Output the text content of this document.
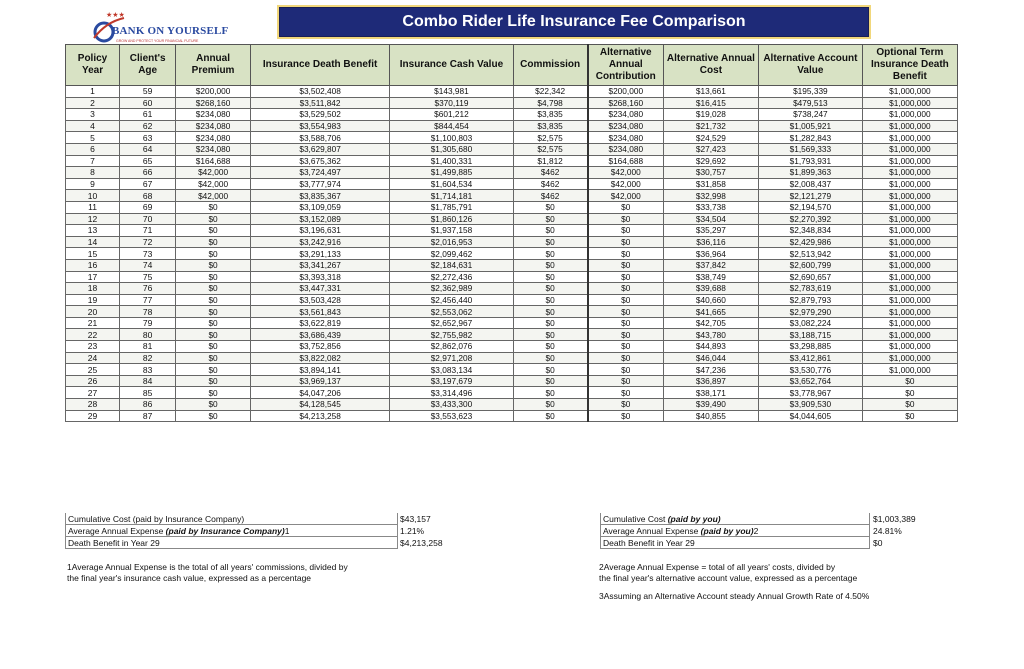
★★★
BANK ON YOURSELF
GROW AND PROTECT YOUR FINANCIAL FUTURE
Combo Rider Life Insurance Fee Comparison
Policy Year	Client's Age	Annual Premium	Insurance Death Benefit	Insurance Cash Value	Commission	Alternative Annual Contribution	Alternative Annual Cost	Alternative Account Value	Optional Term Insurance Death Benefit
1	59	$200,000	$3,502,408	$143,981	$22,342	$200,000	$13,661	$195,339	$1,000,000
2	60	$268,160	$3,511,842	$370,119	$4,798	$268,160	$16,415	$479,513	$1,000,000
3	61	$234,080	$3,529,502	$601,212	$3,835	$234,080	$19,028	$738,247	$1,000,000
4	62	$234,080	$3,554,983	$844,454	$3,835	$234,080	$21,732	$1,005,921	$1,000,000
5	63	$234,080	$3,588,706	$1,100,803	$2,575	$234,080	$24,529	$1,282,843	$1,000,000
6	64	$234,080	$3,629,807	$1,305,680	$2,575	$234,080	$27,423	$1,569,333	$1,000,000
7	65	$164,688	$3,675,362	$1,400,331	$1,812	$164,688	$29,692	$1,793,931	$1,000,000
8	66	$42,000	$3,724,497	$1,499,885	$462	$42,000	$30,757	$1,899,363	$1,000,000
9	67	$42,000	$3,777,974	$1,604,534	$462	$42,000	$31,858	$2,008,437	$1,000,000
10	68	$42,000	$3,835,367	$1,714,181	$462	$42,000	$32,998	$2,121,279	$1,000,000
11	69	$0	$3,109,059	$1,785,791	$0	$0	$33,738	$2,194,570	$1,000,000
12	70	$0	$3,152,089	$1,860,126	$0	$0	$34,504	$2,270,392	$1,000,000
13	71	$0	$3,196,631	$1,937,158	$0	$0	$35,297	$2,348,834	$1,000,000
14	72	$0	$3,242,916	$2,016,953	$0	$0	$36,116	$2,429,986	$1,000,000
15	73	$0	$3,291,133	$2,099,462	$0	$0	$36,964	$2,513,942	$1,000,000
16	74	$0	$3,341,267	$2,184,631	$0	$0	$37,842	$2,600,799	$1,000,000
17	75	$0	$3,393,318	$2,272,436	$0	$0	$38,749	$2,690,657	$1,000,000
18	76	$0	$3,447,331	$2,362,989	$0	$0	$39,688	$2,783,619	$1,000,000
19	77	$0	$3,503,428	$2,456,440	$0	$0	$40,660	$2,879,793	$1,000,000
20	78	$0	$3,561,843	$2,553,062	$0	$0	$41,665	$2,979,290	$1,000,000
21	79	$0	$3,622,819	$2,652,967	$0	$0	$42,705	$3,082,224	$1,000,000
22	80	$0	$3,686,439	$2,755,982	$0	$0	$43,780	$3,188,715	$1,000,000
23	81	$0	$3,752,856	$2,862,076	$0	$0	$44,893	$3,298,885	$1,000,000
24	82	$0	$3,822,082	$2,971,208	$0	$0	$46,044	$3,412,861	$1,000,000
25	83	$0	$3,894,141	$3,083,134	$0	$0	$47,236	$3,530,776	$1,000,000
26	84	$0	$3,969,137	$3,197,679	$0	$0	$36,897	$3,652,764	$0
27	85	$0	$4,047,206	$3,314,496	$0	$0	$38,171	$3,778,967	$0
28	86	$0	$4,128,545	$3,433,300	$0	$0	$39,490	$3,909,530	$0
29	87	$0	$4,213,258	$3,553,623	$0	$0	$40,855	$4,044,605	$0
Cumulative Cost (paid by Insurance Company)	$43,157	Cumulative Cost (paid by you)	$1,003,389
Average Annual Expense (paid by Insurance Company)1	1.21%	Average Annual Expense (paid by you)2	24.81%
Death Benefit in Year 29	$4,213,258	Death Benefit in Year 29	$0
1Average Annual Expense is the total of all years' commissions, divided by
the final year's insurance cash value, expressed as a percentage
2Average Annual Expense = total of all years' costs, divided by
the final year's alternative account value, expressed as a percentage
3Assuming an Alternative Account steady Annual Growth Rate of 4.50%
